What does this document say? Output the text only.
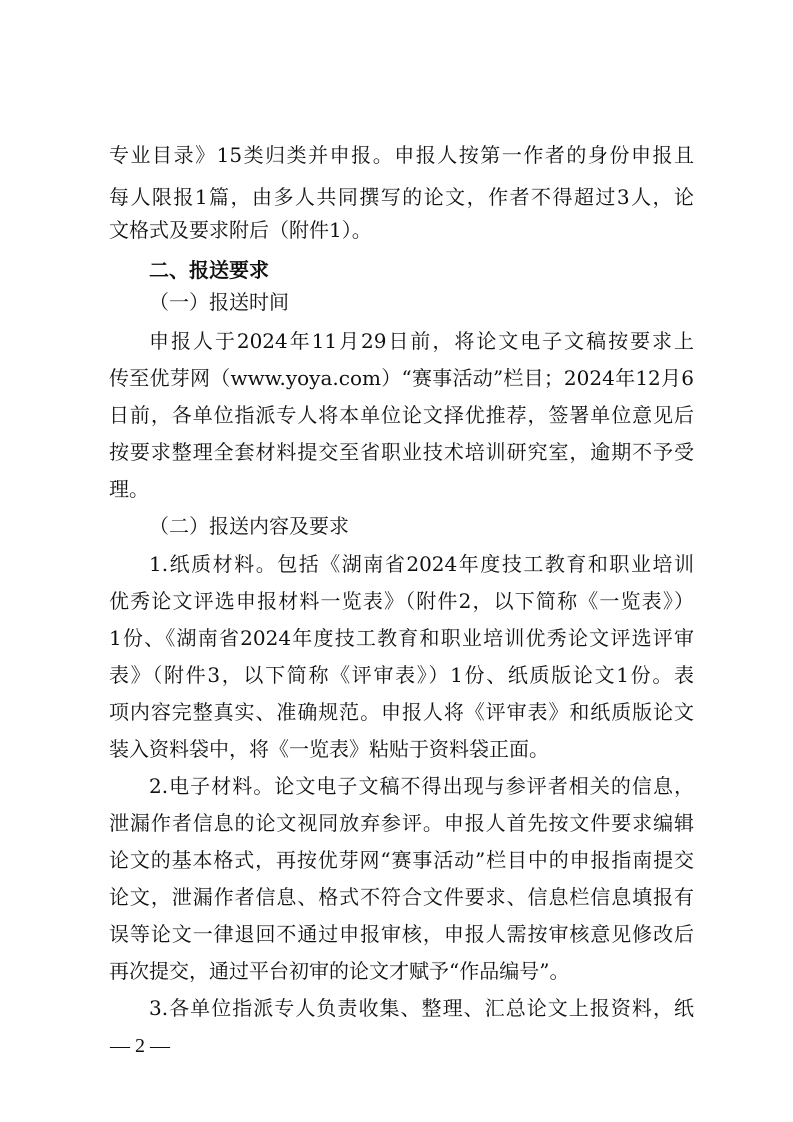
专业目录》15类归类并申报。申报人按第一作者的身份申报且
每人限报1篇，由多人共同撰写的论文，作者不得超过3人，论
文格式及要求附后（附件1）。
二、报送要求
（一）报送时间
申报人于2024年11月29日前，将论文电子文稿按要求上
传至优芽网（www.yoya.com）“赛事活动”栏目；2024年12月6
日前，各单位指派专人将本单位论文择优推荐，签署单位意见后
按要求整理全套材料提交至省职业技术培训研究室，逾期不予受
理。
（二）报送内容及要求
1.纸质材料。包括《湖南省2024年度技工教育和职业培训
优秀论文评选申报材料一览表》（附件2，以下简称《一览表》）
1份、《湖南省2024年度技工教育和职业培训优秀论文评选评审
表》（附件3，以下简称《评审表》）1份、纸质版论文1份。表
项内容完整真实、准确规范。申报人将《评审表》和纸质版论文
装入资料袋中，将《一览表》粘贴于资料袋正面。
2.电子材料。论文电子文稿不得出现与参评者相关的信息，
泄漏作者信息的论文视同放弃参评。申报人首先按文件要求编辑
论文的基本格式，再按优芽网“赛事活动”栏目中的申报指南提交
论文，泄漏作者信息、格式不符合文件要求、信息栏信息填报有
误等论文一律退回不通过申报审核，申报人需按审核意见修改后
再次提交，通过平台初审的论文才赋予“作品编号”。
3.各单位指派专人负责收集、整理、汇总论文上报资料，纸
— 2 —
